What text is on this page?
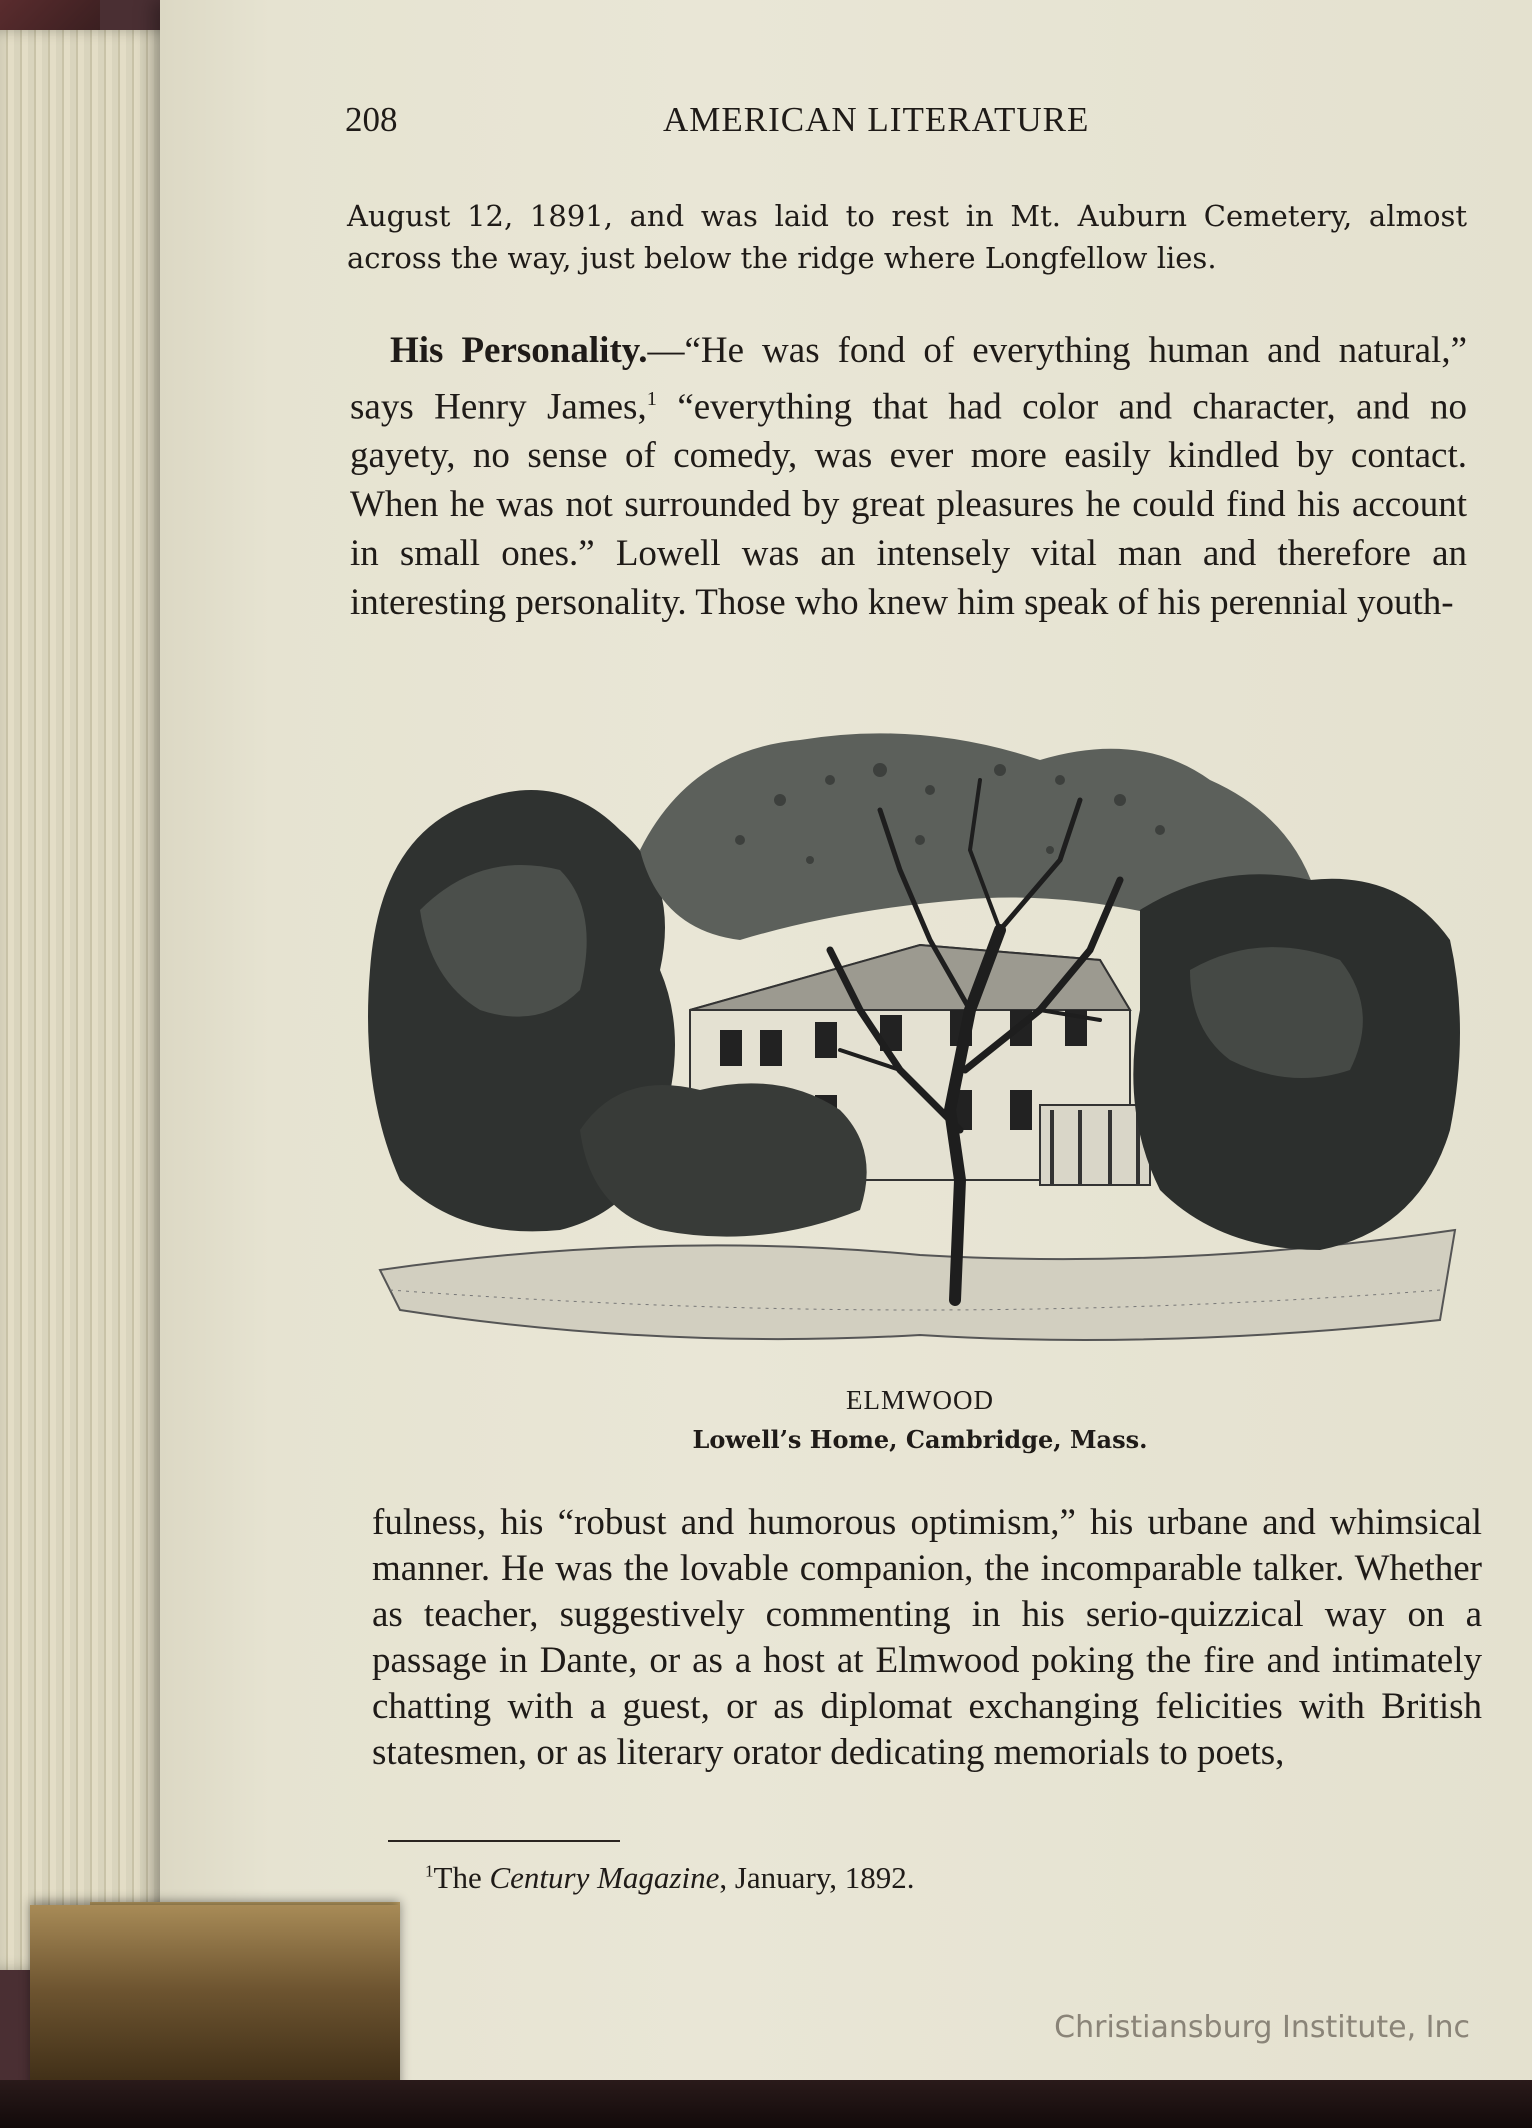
208	AMERICAN LITERATURE

August 12, 1891, and was laid to rest in Mt. Auburn Cemetery, almost across the way, just below the ridge where Longfellow lies.

His Personality.—“He was fond of everything human and natural,” says Henry James,$^1$ “everything that had color and character, and no gayety, no sense of comedy, was ever more easily kindled by contact. When he was not surrounded by great pleasures he could find his account in small ones.” Lowell was an intensely vital man and therefore an interesting personality. Those who knew him speak of his perennial youth-

ELMWOOD
Lowell’s Home, Cambridge, Mass.

fulness, his “robust and humorous optimism,” his urbane and whimsical manner. He was the lovable companion, the incomparable talker. Whether as teacher, suggestively commenting in his serio-quizzical way on a passage in Dante, or as a host at Elmwood poking the fire and intimately chatting with a guest, or as diplomat exchanging felicities with British statesmen, or as literary orator dedicating memorials to poets,

$^1$The Century Magazine, January, 1892.
Christiansburg Institute, Inc
